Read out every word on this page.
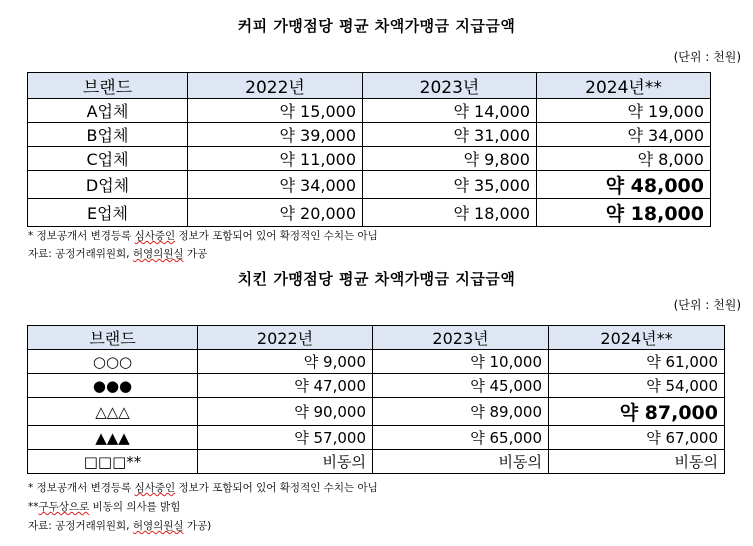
커피 가맹점당 평균 차액가맹금 지급금액
(단위 : 천원)
브랜드	2022년	2023년	2024년**
A업체	약 15,000	약 14,000	약 19,000
B업체	약 39,000	약 31,000	약 34,000
C업체	약 11,000	약 9,800	약 8,000
D업체	약 34,000	약 35,000	약 48,000
E업체	약 20,000	약 18,000	약 18,000
* 정보공개서 변경등록 심사중인 정보가 포함되어 있어 확정적인 수치는 아님
자료: 공정거래위원회, 허영의원실 가공
치킨 가맹점당 평균 차액가맹금 지급금액
(단위 : 천원)
브랜드	2022년	2023년	2024년**
○○○	약 9,000	약 10,000	약 61,000
●●●	약 47,000	약 45,000	약 54,000
△△△	약 90,000	약 89,000	약 87,000
▲▲▲	약 57,000	약 65,000	약 67,000
□□□**	비동의	비동의	비동의
* 정보공개서 변경등록 심사중인 정보가 포함되어 있어 확정적인 수치는 아님
**구두상으로 비동의 의사를 밝힘
자료: 공정거래위원회, 허영의원실 가공)
